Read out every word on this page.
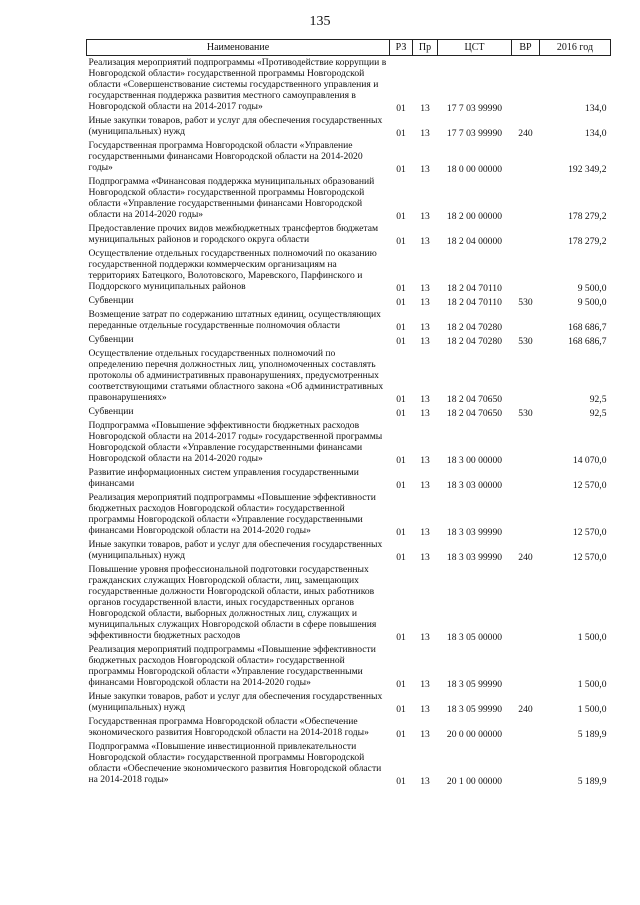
135
Наименование	РЗ	Пр	ЦСТ	ВР	2016 год
Реализация мероприятий подпрограммы «Противодействие коррупции в Новгородской области» государственной программы Новгородской области «Совершенствование системы государственного управления и государственная поддержка развития местного самоуправления в Новгородской области на 2014-2017 годы»	01	13	17 7 03 99990		134,0
Иные закупки товаров, работ и услуг для обеспечения государственных (муниципальных) нужд	01	13	17 7 03 99990	240	134,0
Государственная программа Новгородской области «Управление государственными финансами Новгородской области на 2014-2020 годы»	01	13	18 0 00 00000		192 349,2
Подпрограмма «Финансовая поддержка муниципальных образований Новгородской области» государственной программы Новгородской области «Управление государственными финансами Новгородской области на 2014-2020 годы»	01	13	18 2 00 00000		178 279,2
Предоставление прочих видов межбюджетных трансфертов бюджетам муниципальных районов и городского округа области	01	13	18 2 04 00000		178 279,2
Осуществление отдельных государственных полномочий по оказанию государственной поддержки коммерческим организациям на территориях Батецкого, Волотовского, Маревского, Парфинского и Поддорского муниципальных районов	01	13	18 2 04 70110		9 500,0
Субвенции	01	13	18 2 04 70110	530	9 500,0
Возмещение затрат по содержанию штатных единиц, осуществляющих переданные отдельные государственные полномочия области	01	13	18 2 04 70280		168 686,7
Субвенции	01	13	18 2 04 70280	530	168 686,7
Осуществление отдельных государственных полномочий по определению перечня должностных лиц, уполномоченных составлять протоколы об административных правонарушениях, предусмотренных соответствующими статьями областного закона «Об административных правонарушениях»	01	13	18 2 04 70650		92,5
Субвенции	01	13	18 2 04 70650	530	92,5
Подпрограмма «Повышение эффективности бюджетных расходов Новгородской области на 2014-2017 годы» государственной программы Новгородской области «Управление государственными финансами Новгородской области на 2014-2020 годы»	01	13	18 3 00 00000		14 070,0
Развитие информационных систем управления государственными финансами	01	13	18 3 03 00000		12 570,0
Реализация мероприятий подпрограммы «Повышение эффективности бюджетных расходов Новгородской области» государственной программы Новгородской области «Управление государственными финансами Новгородской области на 2014-2020 годы»	01	13	18 3 03 99990		12 570,0
Иные закупки товаров, работ и услуг для обеспечения государственных (муниципальных) нужд	01	13	18 3 03 99990	240	12 570,0
Повышение уровня профессиональной подготовки государственных гражданских служащих Новгородской области, лиц, замещающих государственные должности Новгородской области, иных работников органов государственной власти, иных государственных органов Новгородской области, выборных должностных лиц, служащих и муниципальных служащих Новгородской области в сфере повышения эффективности бюджетных расходов	01	13	18 3 05 00000		1 500,0
Реализация мероприятий подпрограммы «Повышение эффективности бюджетных расходов Новгородской области» государственной программы Новгородской области «Управление государственными финансами Новгородской области на 2014-2020 годы»	01	13	18 3 05 99990		1 500,0
Иные закупки товаров, работ и услуг для обеспечения государственных (муниципальных) нужд	01	13	18 3 05 99990	240	1 500,0
Государственная программа Новгородской области «Обеспечение экономического развития Новгородской области на 2014-2018 годы»	01	13	20 0 00 00000		5 189,9
Подпрограмма «Повышение инвестиционной привлекательности Новгородской области» государственной программы Новгородской области «Обеспечение экономического развития Новгородской области на 2014-2018 годы»	01	13	20 1 00 00000		5 189,9
